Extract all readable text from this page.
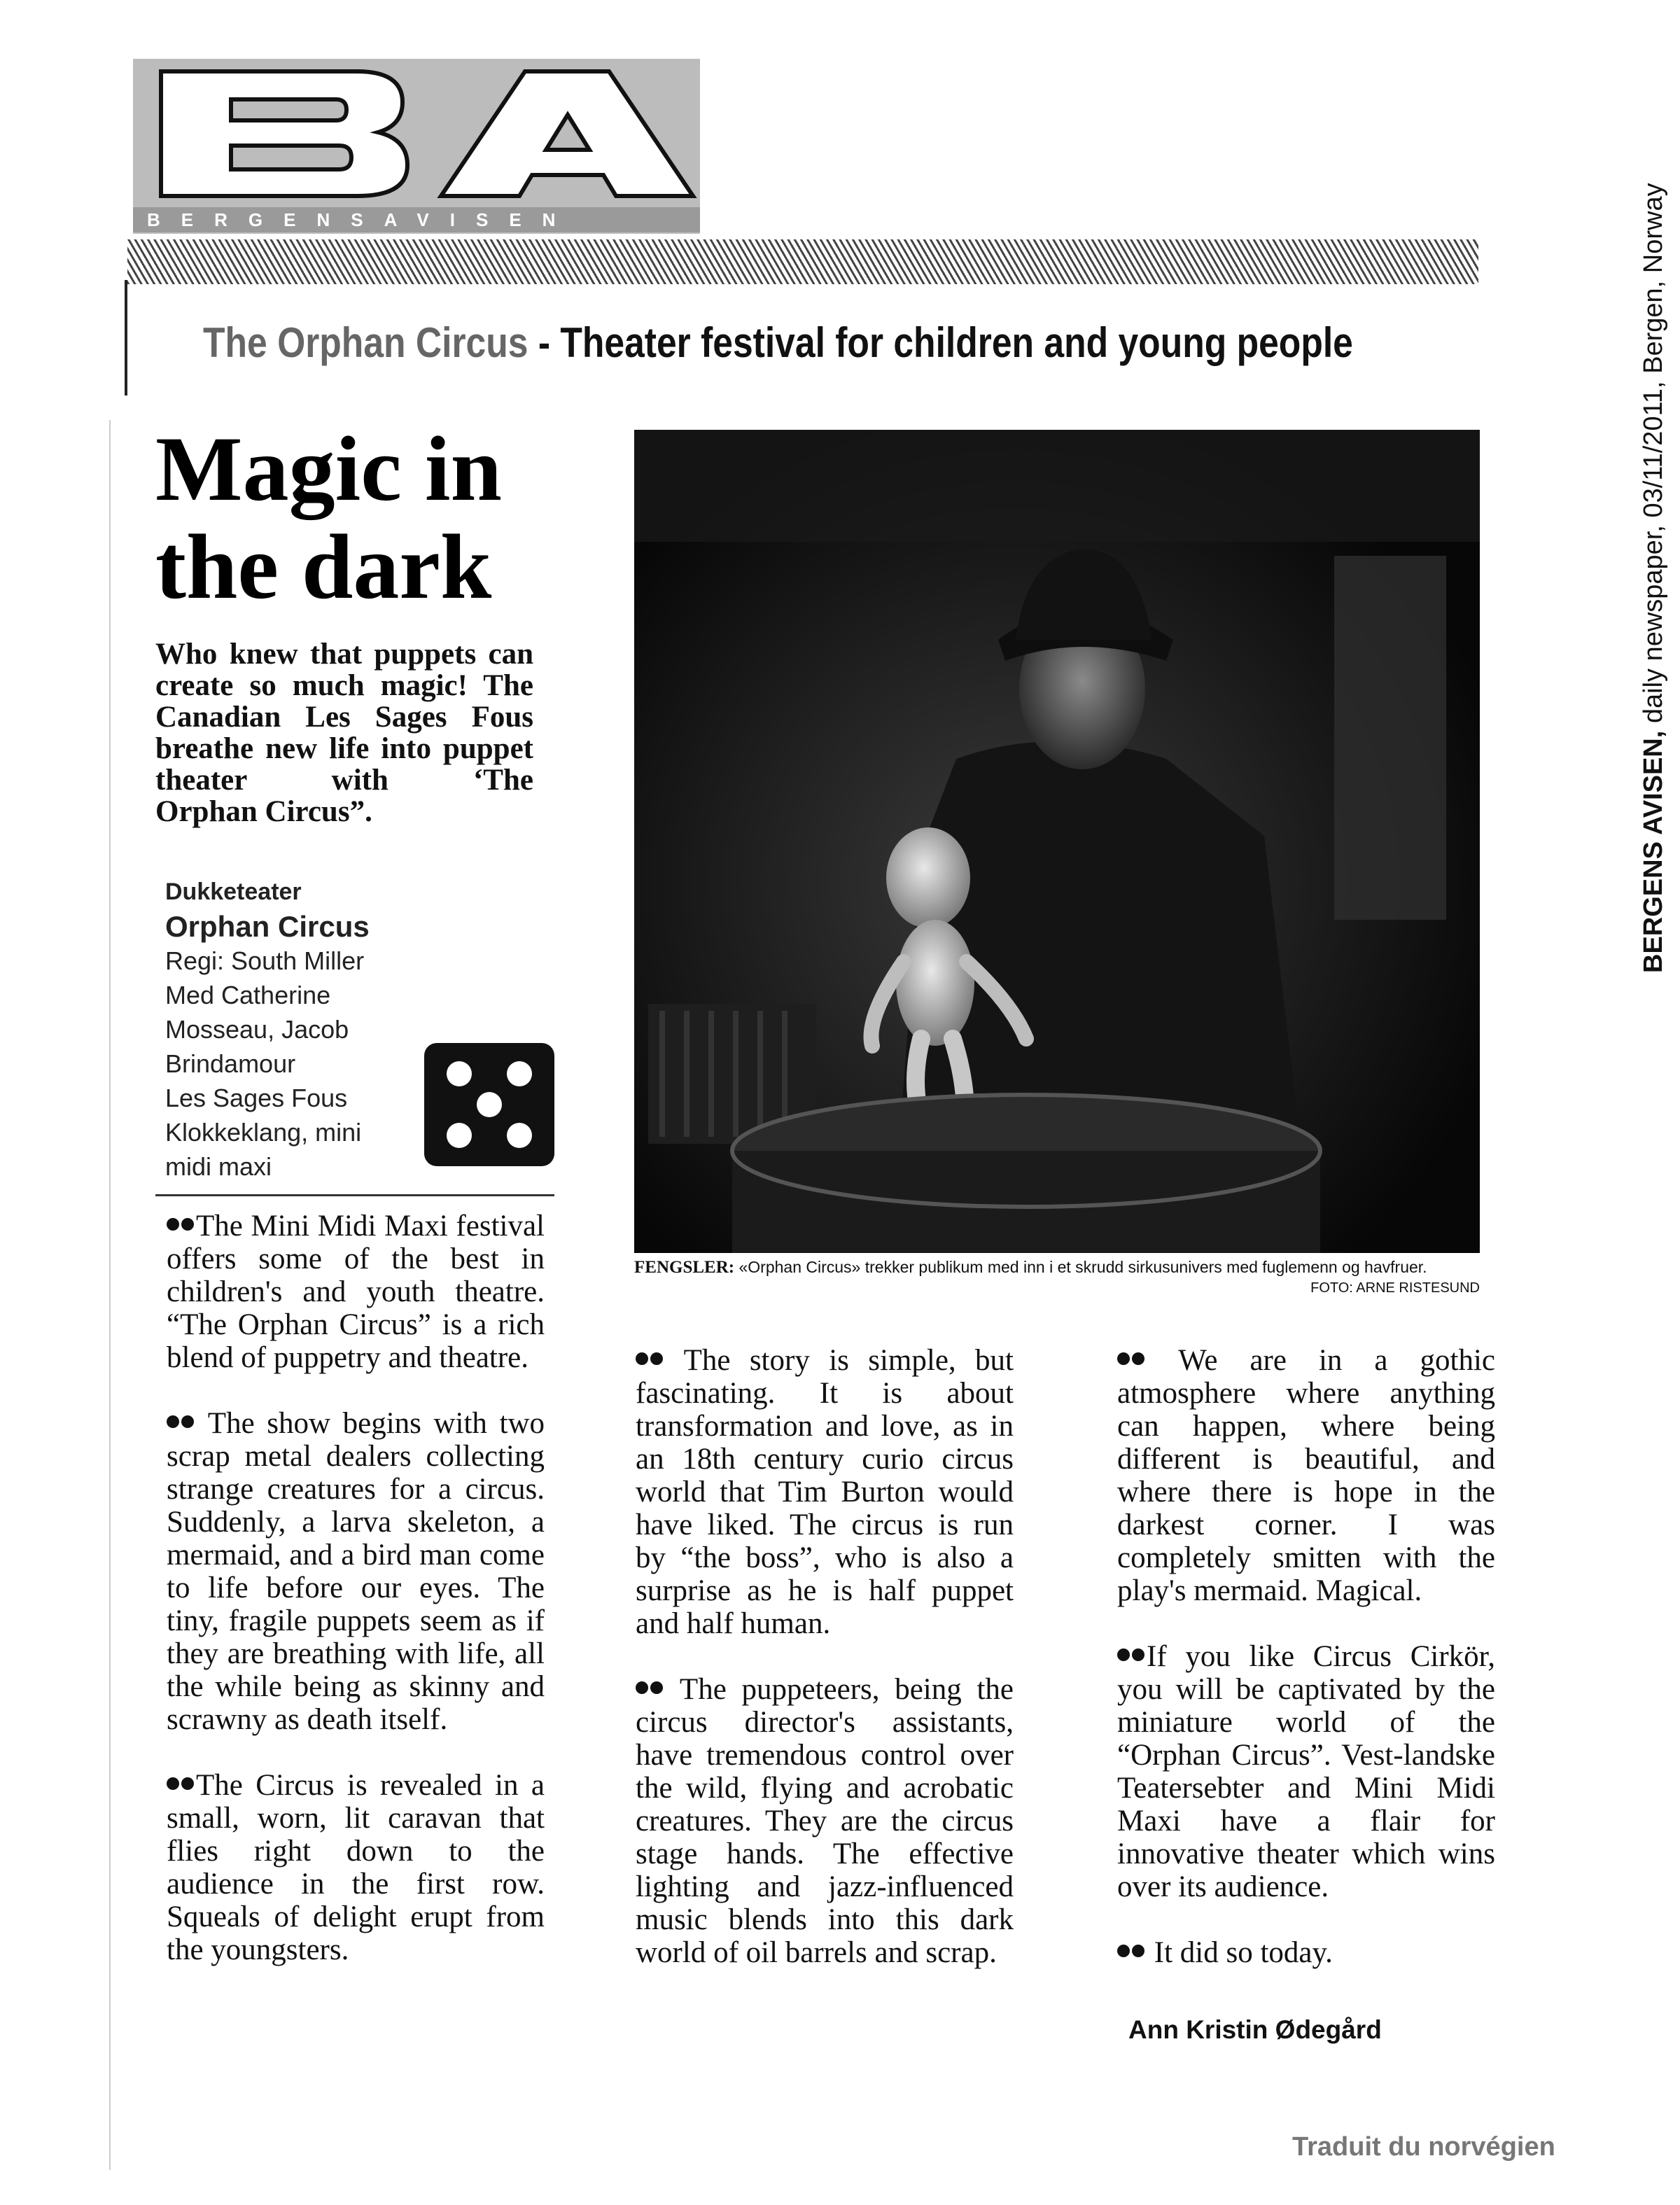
BERGENSAVISEN
BERGENS AVISEN, daily newspaper, 03/11/2011, Bergen, Norway
The Orphan Circus - Theater festival for children and young people
Magic in
the dark
Who knew that puppets can create so much magic! The Canadian Les Sages Fous breathe new life into puppet theater with ‘The
Orphan Circus”.
Dukketeater
Orphan Circus
Regi: South Miller
Med Catherine
Mosseau, Jacob
Brindamour
Les Sages Fous
Klokkeklang, mini
midi maxi
FENGSLER: «Orphan Circus» trekker publikum med inn i et skrudd sirkusunivers med fuglemenn og havfruer.
FOTO: ARNE RISTESUND

The Mini Midi Maxi festival offers some of the best in children's and youth theatre. “The Orphan Circus” is a rich blend of puppetry and theatre.

The show begins with two scrap metal dealers collecting strange creatures for a circus. Suddenly, a larva skeleton, a mermaid, and a bird man come to life before our eyes. The tiny, fragile puppets seem as if they are breathing with life, all the while being as skinny and scrawny as death itself.

The Circus is revealed in a small, worn, lit caravan that flies right down to the audience in the first row. Squeals of delight erupt from the youngsters.

The story is simple, but fascinating. It is about transformation and love, as in an 18th century curio circus world that Tim Burton would have liked. The circus is run by “the boss”, who is also a surprise as he is half puppet and half human.

The puppeteers, being the circus director's assistants, have tremendous control over the wild, flying and acrobatic creatures. They are the circus stage hands. The effective lighting and jazz-influenced music blends into this dark world of oil barrels and scrap.

We are in a gothic atmosphere where anything can happen, where being different is beautiful, and where there is hope in the darkest corner. I was completely smitten with the play's mermaid. Magical.

If you like Circus Cirkör, you will be captivated by the miniature world of the “Orphan Circus”. Vest-landske Teatersebter and Mini Midi Maxi have a flair for innovative theater which wins over its audience.

It did so today.

Ann Kristin Ødegård
Traduit du norvégien
